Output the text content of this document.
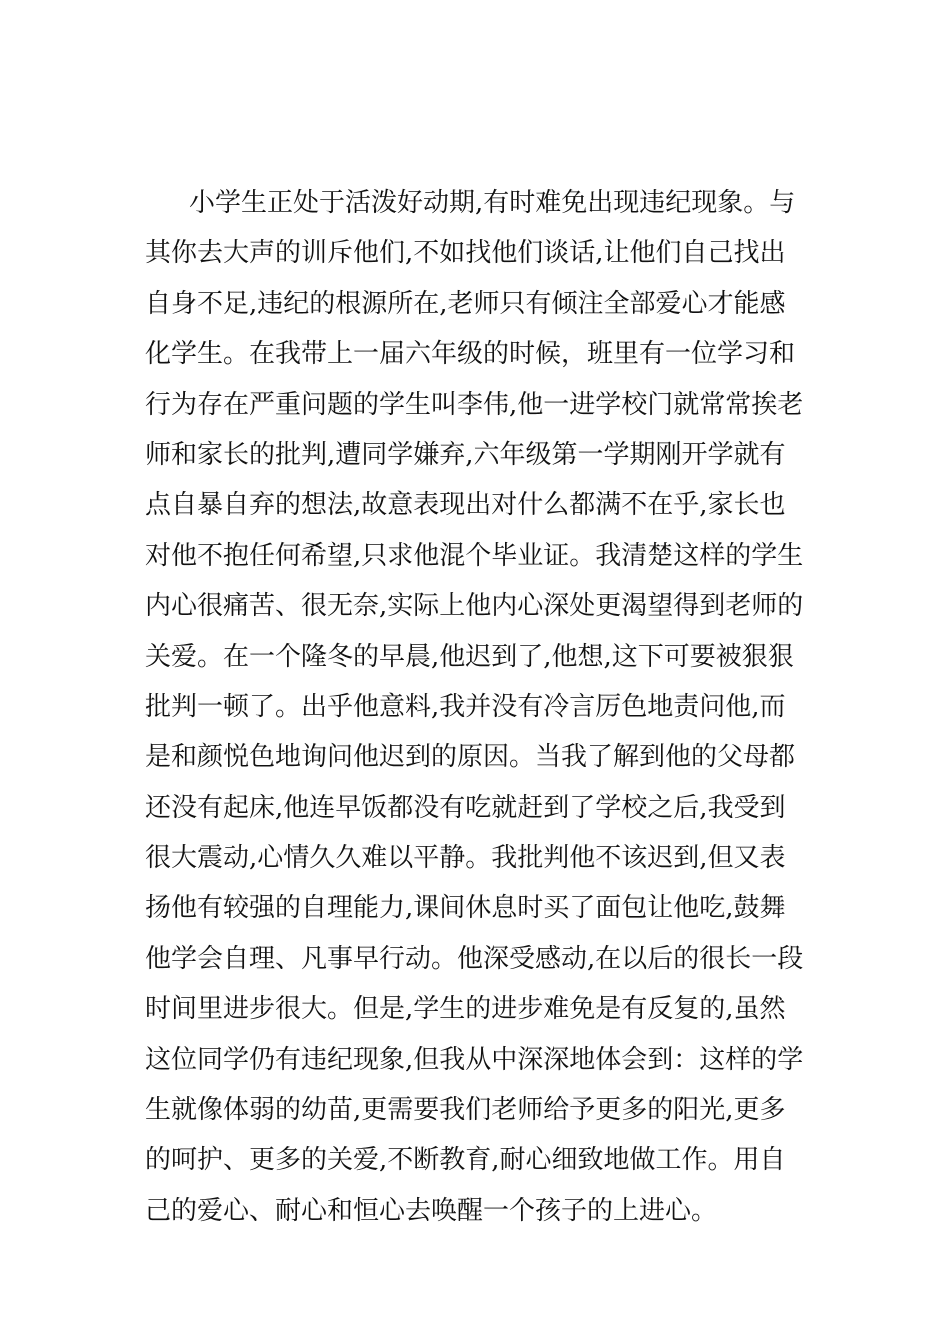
小学生正处于活泼好动期,有时难免出现违纪现象。与
其你去大声的训斥他们,不如找他们谈话,让他们自己找出
自身不足,违纪的根源所在,老师只有倾注全部爱心才能感
化学生。在我带上一届六年级的时候，班里有一位学习和
行为存在严重问题的学生叫李伟,他一进学校门就常常挨老
师和家长的批判,遭同学嫌弃,六年级第一学期刚开学就有
点自暴自弃的想法,故意表现出对什么都满不在乎,家长也
对他不抱任何希望,只求他混个毕业证。我清楚这样的学生
内心很痛苦、很无奈,实际上他内心深处更渴望得到老师的
关爱。在一个隆冬的早晨,他迟到了,他想,这下可要被狠狠
批判一顿了。出乎他意料,我并没有冷言厉色地责问他,而
是和颜悦色地询问他迟到的原因。当我了解到他的父母都
还没有起床,他连早饭都没有吃就赶到了学校之后,我受到
很大震动,心情久久难以平静。我批判他不该迟到,但又表
扬他有较强的自理能力,课间休息时买了面包让他吃,鼓舞
他学会自理、凡事早行动。他深受感动,在以后的很长一段
时间里进步很大。但是,学生的进步难免是有反复的,虽然
这位同学仍有违纪现象,但我从中深深地体会到：这样的学
生就像体弱的幼苗,更需要我们老师给予更多的阳光,更多
的呵护、更多的关爱,不断教育,耐心细致地做工作。用自
己的爱心、耐心和恒心去唤醒一个孩子的上进心。
